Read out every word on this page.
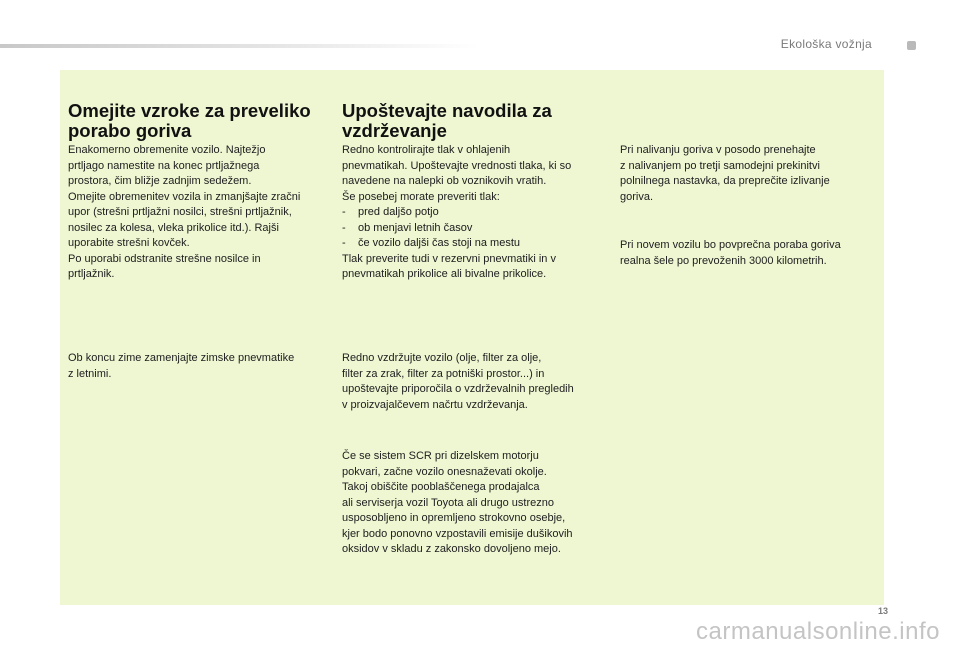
Ekološka vožnja
Omejite vzroke za preveliko porabo goriva

Enakomerno obremenite vozilo. Najtežjo
prtljago namestite na konec prtljažnega
prostora, čim bližje zadnjim sedežem.
Omejite obremenitev vozila in zmanjšajte zračni
upor (strešni prtljažni nosilci, strešni prtljažnik,
nosilec za kolesa, vleka prikolice itd.). Rajši
uporabite strešni kovček.
Po uporabi odstranite strešne nosilce in
prtljažnik.

Ob koncu zime zamenjajte zimske pnevmatike
z letnimi.

Upoštevajte navodila za vzdrževanje

Redno kontrolirajte tlak v ohlajenih
pnevmatikah. Upoštevajte vrednosti tlaka, ki so
navedene na nalepki ob voznikovih vratih.
Še posebej morate preveriti tlak:

-	pred daljšo potjo
-	ob menjavi letnih časov
-	če vozilo daljši čas stoji na mestu

Tlak preverite tudi v rezervni pnevmatiki in v
pnevmatikah prikolice ali bivalne prikolice.

Redno vzdržujte vozilo (olje, filter za olje,
filter za zrak, filter za potniški prostor...) in
upoštevajte priporočila o vzdrževalnih pregledih
v proizvajalčevem načrtu vzdrževanja.

Če se sistem SCR pri dizelskem motorju
pokvari, začne vozilo onesnaževati okolje.
Takoj obiščite pooblaščenega prodajalca
ali serviserja vozil Toyota ali drugo ustrezno
usposobljeno in opremljeno strokovno osebje,
kjer bodo ponovno vzpostavili emisije dušikovih
oksidov v skladu z zakonsko dovoljeno mejo.

Pri nalivanju goriva v posodo prenehajte
z nalivanjem po tretji samodejni prekinitvi
polnilnega nastavka, da preprečite izlivanje
goriva.

Pri novem vozilu bo povprečna poraba goriva
realna šele po prevoženih 3000 kilometrih.

13
carmanualsonline.info
